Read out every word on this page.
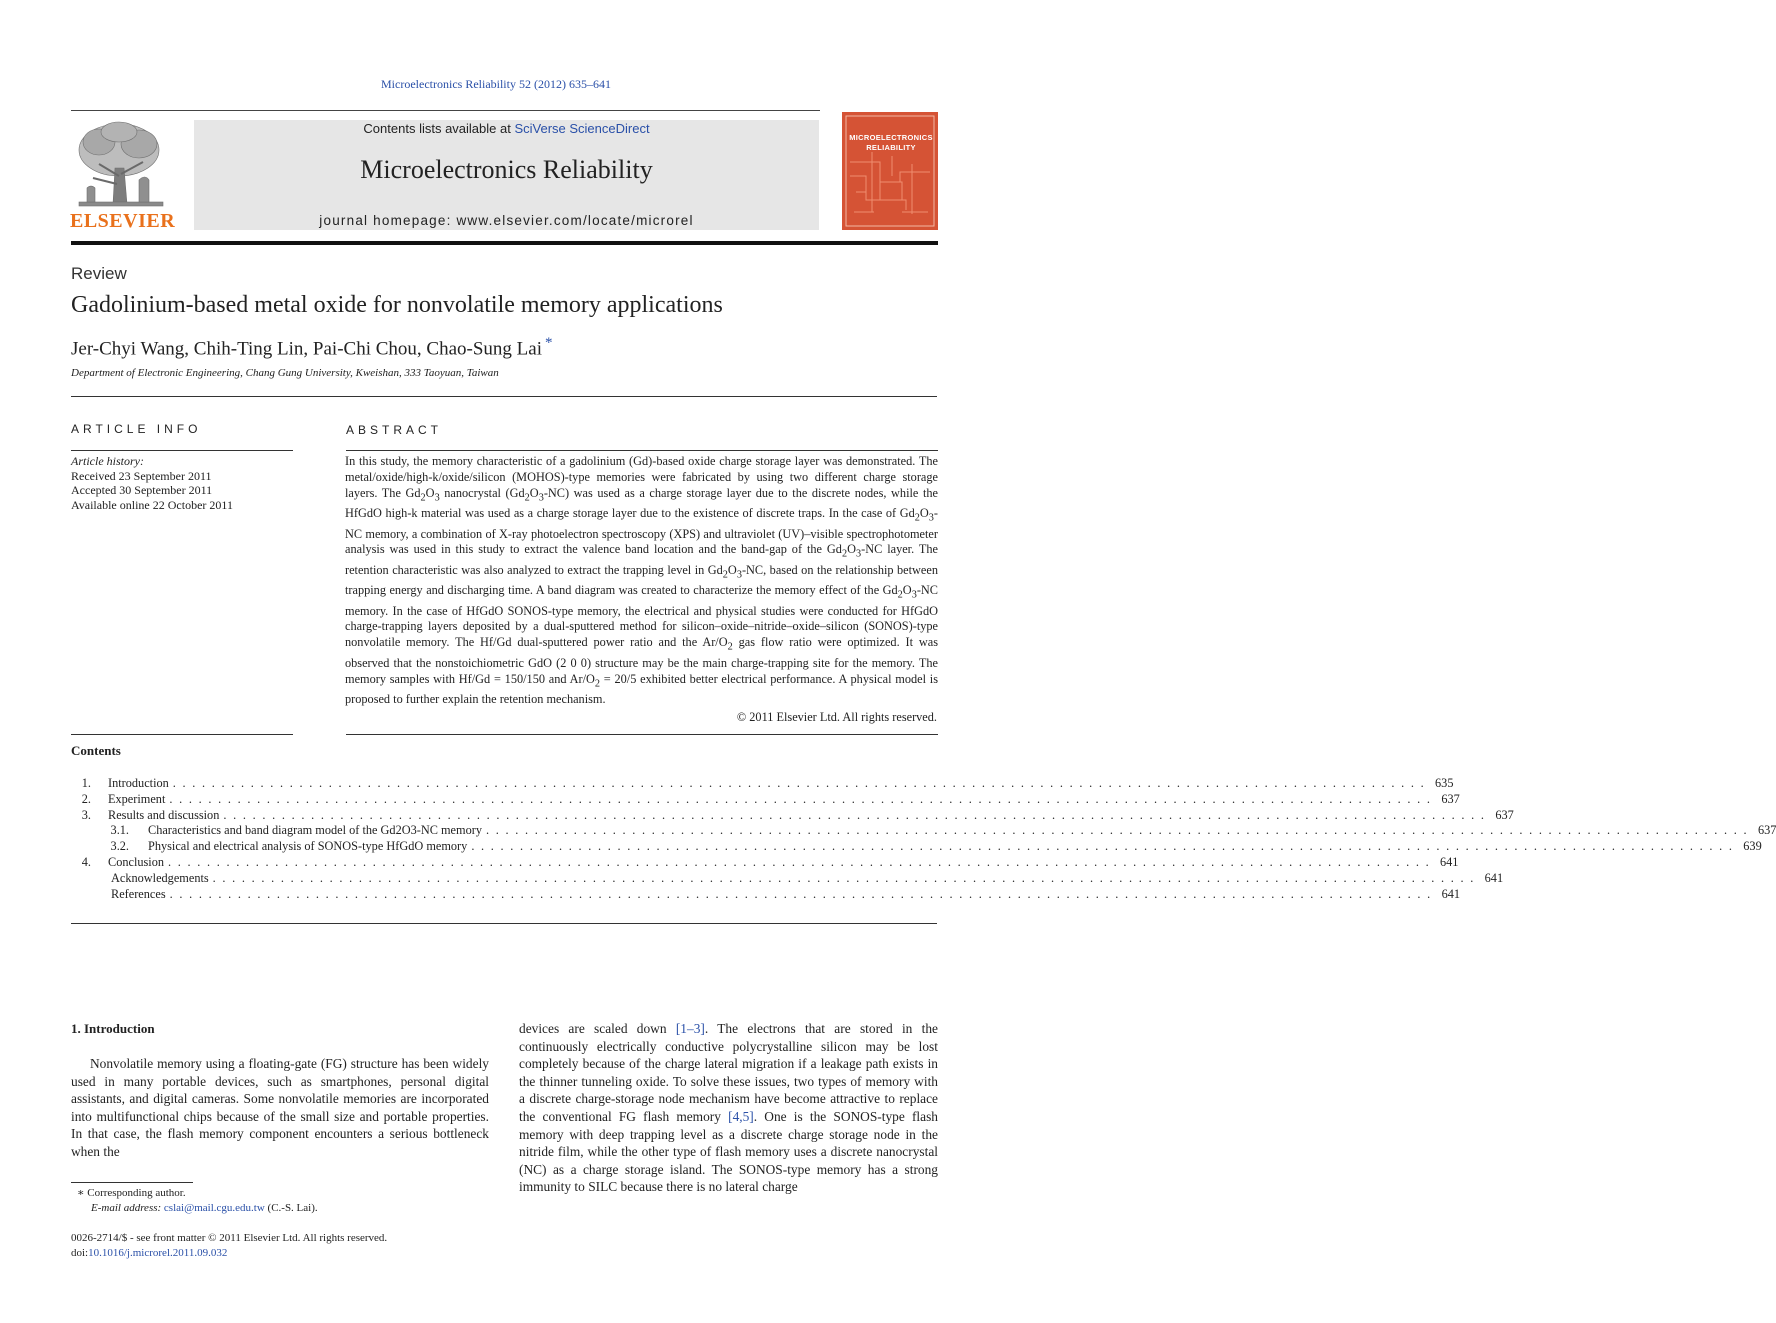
Microelectronics Reliability 52 (2012) 635–641
ELSEVIER
Contents lists available at SciVerse ScienceDirect
Microelectronics Reliability
journal homepage: www.elsevier.com/locate/microrel
MICROELECTRONICS
RELIABILITY
Review
Gadolinium-based metal oxide for nonvolatile memory applications
Jer-Chyi Wang, Chih-Ting Lin, Pai-Chi Chou, Chao-Sung Lai *
Department of Electronic Engineering, Chang Gung University, Kweishan, 333 Taoyuan, Taiwan
ARTICLE INFO	ABSTRACT
Article history:
Received 23 September 2011
Accepted 30 September 2011
Available online 22 October 2011
In this study, the memory characteristic of a gadolinium (Gd)-based oxide charge storage layer was demonstrated. The metal/oxide/high-k/oxide/silicon (MOHOS)-type memories were fabricated by using two different charge storage layers. The $Gd_2O_3$ nanocrystal $(Gd_2O_3-NC)$ was used as a charge storage layer due to the discrete nodes, while the HfGdO high-k material was used as a charge storage layer due to the existence of discrete traps. In the case of $Gd_2O_3-NC$ memory, a combination of X-ray photoelectron spectroscopy (XPS) and ultraviolet (UV)–visible spectrophotometer analysis was used in this study to extract the valence band location and the band-gap of the $Gd_2O_3-NC$ layer. The retention characteristic was also analyzed to extract the trapping level in $Gd_2O_3-NC$, based on the relationship between trapping energy and discharging time. A band diagram was created to characterize the memory effect of the $Gd_2O_3-NC$ memory. In the case of HfGdO SONOS-type memory, the electrical and physical studies were conducted for HfGdO charge-trapping layers deposited by a dual-sputtered method for silicon–oxide–nitride–oxide–silicon (SONOS)-type nonvolatile memory. The Hf/Gd dual-sputtered power ratio and the $Ar/O_2$ gas flow ratio were optimized. It was observed that the nonstoichiometric GdO (2 0 0) structure may be the main charge-trapping site for the memory. The memory samples with Hf/Gd = 150/150 and $Ar/O_2 = 20/5$ exhibited better electrical performance. A physical model is proposed to further explain the retention mechanism.
© 2011 Elsevier Ltd. All rights reserved.
Contents
1. Introduction . . . . . . . . . . . . . . . . . . . . . . . . . . . . . . . . . . . . . . . . . . . . . . . . . . . . . . . . . . . . . . . . . . . . . . . . . . . . . . . . . . . . . . . . . . . . . . . . . . . . . . . . . . . . . . . . . . . . . . . . . . . . . . . . . 635
2. Experiment . . . . . . . . . . . . . . . . . . . . . . . . . . . . . . . . . . . . . . . . . . . . . . . . . . . . . . . . . . . . . . . . . . . . . . . . . . . . . . . . . . . . . . . . . . . . . . . . . . . . . . . . . . . . . . . . . . . . . . . . . . . . . . . . . . 637
3. Results and discussion . . . . . . . . . . . . . . . . . . . . . . . . . . . . . . . . . . . . . . . . . . . . . . . . . . . . . . . . . . . . . . . . . . . . . . . . . . . . . . . . . . . . . . . . . . . . . . . . . . . . . . . . . . . . . . . . . . . . . . . . . . . . . . . . . . 637
3.1. Characteristics and band diagram model of the Gd2O3-NC memory . . . . . . . . . . . . . . . . . . . . . . . . . . . . . . . . . . . . . . . . . . . . . . . . . . . . . . . . . . . . . . . . . . . . . . . . . . . . . . . . . . . . . . . . . . . . . . . . . . . . . . . . . . . . . . . . . . . . . . . . . . . . . . . . . . 637
3.2. Physical and electrical analysis of SONOS-type HfGdO memory . . . . . . . . . . . . . . . . . . . . . . . . . . . . . . . . . . . . . . . . . . . . . . . . . . . . . . . . . . . . . . . . . . . . . . . . . . . . . . . . . . . . . . . . . . . . . . . . . . . . . . . . . . . . . . . . . . . . . . . . . . . . . . . . . . 639
4. Conclusion . . . . . . . . . . . . . . . . . . . . . . . . . . . . . . . . . . . . . . . . . . . . . . . . . . . . . . . . . . . . . . . . . . . . . . . . . . . . . . . . . . . . . . . . . . . . . . . . . . . . . . . . . . . . . . . . . . . . . . . . . . . . . . . . . . 641
Acknowledgements . . . . . . . . . . . . . . . . . . . . . . . . . . . . . . . . . . . . . . . . . . . . . . . . . . . . . . . . . . . . . . . . . . . . . . . . . . . . . . . . . . . . . . . . . . . . . . . . . . . . . . . . . . . . . . . . . . . . . . . . . . . . . . . . . . 641
References . . . . . . . . . . . . . . . . . . . . . . . . . . . . . . . . . . . . . . . . . . . . . . . . . . . . . . . . . . . . . . . . . . . . . . . . . . . . . . . . . . . . . . . . . . . . . . . . . . . . . . . . . . . . . . . . . . . . . . . . . . . . . . . . . . 641
1. Introduction
Nonvolatile memory using a floating-gate (FG) structure has been widely used in many portable devices, such as smartphones, personal digital assistants, and digital cameras. Some nonvolatile memories are incorporated into multifunctional chips because of the small size and portable properties. In that case, the flash memory component encounters a serious bottleneck when the
devices are scaled down [1–3]. The electrons that are stored in the continuously electrically conductive polycrystalline silicon may be lost completely because of the charge lateral migration if a leakage path exists in the thinner tunneling oxide. To solve these issues, two types of memory with a discrete charge-storage node mechanism have become attractive to replace the conventional FG flash memory [4,5]. One is the SONOS-type flash memory with deep trapping level as a discrete charge storage node in the nitride film, while the other type of flash memory uses a discrete nanocrystal (NC) as a charge storage island. The SONOS-type memory has a strong immunity to SILC because there is no lateral charge
∗ Corresponding author.
E-mail address: cslai@mail.cgu.edu.tw (C.-S. Lai).
0026-2714/$ - see front matter © 2011 Elsevier Ltd. All rights reserved.
doi:10.1016/j.microrel.2011.09.032
